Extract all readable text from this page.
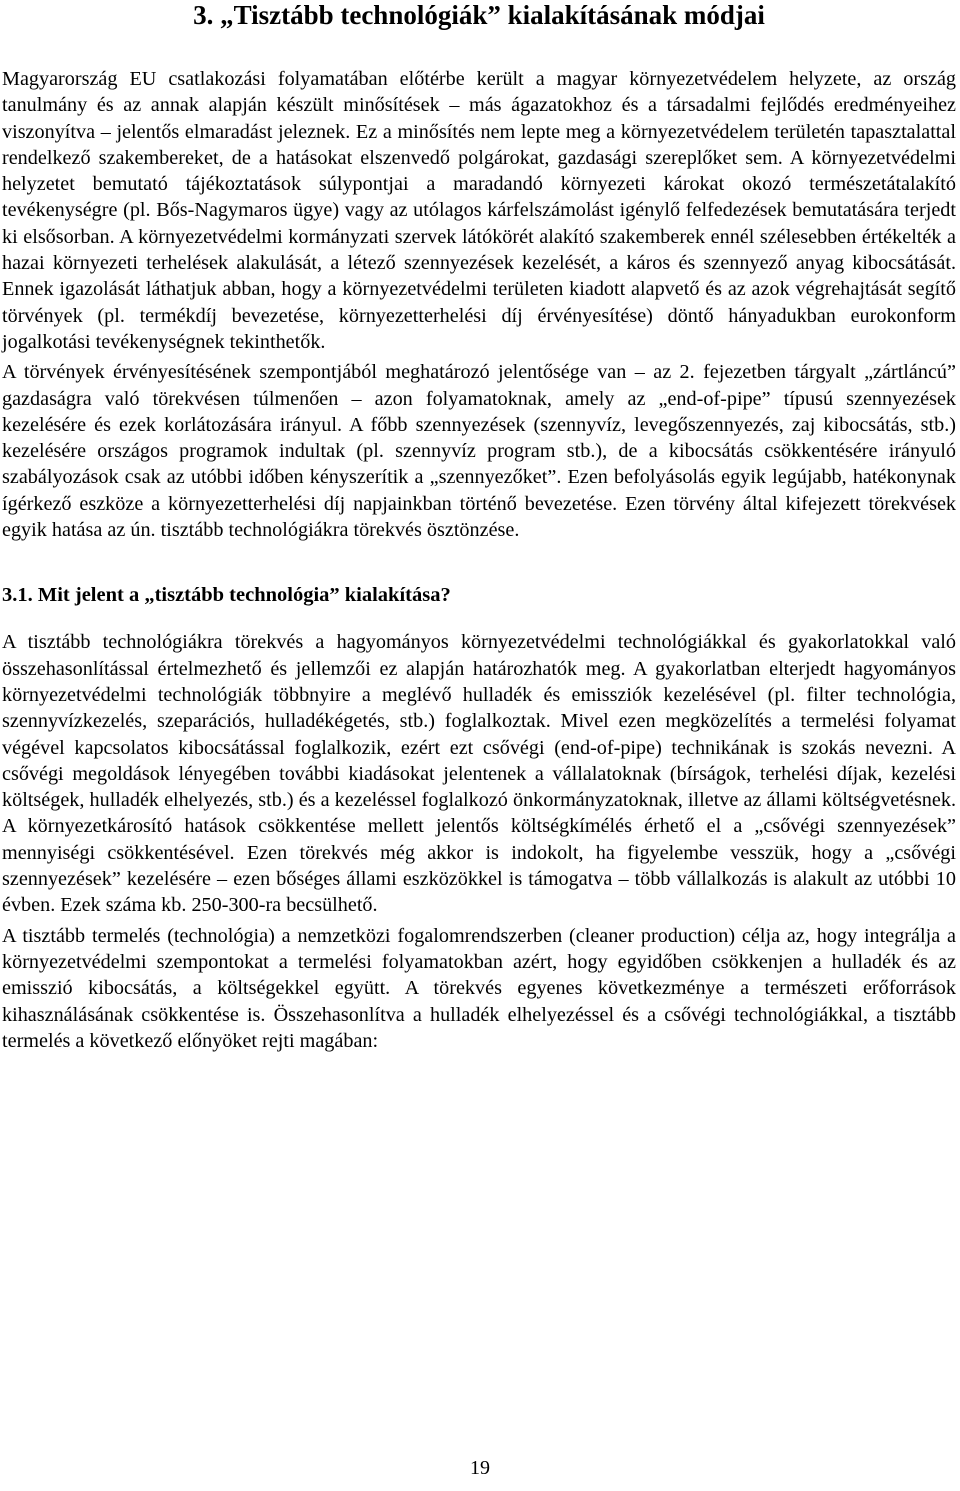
3. „Tisztább technológiák” kialakításának módjai

Magyarország EU csatlakozási folyamatában előtérbe került a magyar környezetvédelem helyzete, az ország tanulmány és az annak alapján készült minősítések – más ágazatokhoz és a társadalmi fejlődés eredményeihez viszonyítva – jelentős elmaradást jeleznek. Ez a minősítés nem lepte meg a környezetvédelem területén tapasztalattal rendelkező szakembereket, de a hatásokat elszenvedő polgárokat, gazdasági szereplőket sem. A környezetvédelmi helyzetet bemutató tájékoztatások súlypontjai a maradandó környezeti károkat okozó természetátalakító tevékenységre (pl. Bős-Nagymaros ügye) vagy az utólagos kárfelszámolást igénylő felfedezések bemutatására terjedt ki elsősorban. A környezetvédelmi kormányzati szervek látókörét alakító szakemberek ennél szélesebben értékelték a hazai környezeti terhelések alakulását, a létező szennyezések kezelését, a káros és szennyező anyag kibocsátását. Ennek igazolását láthatjuk abban, hogy a környezetvédelmi területen kiadott alapvető és az azok végrehajtását segítő törvények (pl. termékdíj bevezetése, környezetterhelési díj érvényesítése) döntő hányadukban eurokonform jogalkotási tevékenységnek tekinthetők.

A törvények érvényesítésének szempontjából meghatározó jelentősége van – az 2. fejezetben tárgyalt „zártláncú” gazdaságra való törekvésen túlmenően – azon folyamatoknak, amely az „end-of-pipe” típusú szennyezések kezelésére és ezek korlátozására irányul. A főbb szennyezések (szennyvíz, levegőszennyezés, zaj kibocsátás, stb.) kezelésére országos programok indultak (pl. szennyvíz program stb.), de a kibocsátás csökkentésére irányuló szabályozások csak az utóbbi időben kényszerítik a „szennyezőket”. Ezen befolyásolás egyik legújabb, hatékonynak ígérkező eszköze a környezetterhelési díj napjainkban történő bevezetése. Ezen törvény által kifejezett törekvések egyik hatása az ún. tisztább technológiákra törekvés ösztönzése.

3.1. Mit jelent a „tisztább technológia” kialakítása?

A tisztább technológiákra törekvés a hagyományos környezetvédelmi technológiákkal és gyakorlatokkal való összehasonlítással értelmezhető és jellemzői ez alapján határozhatók meg. A gyakorlatban elterjedt hagyományos környezetvédelmi technológiák többnyire a meglévő hulladék és emissziók kezelésével (pl. filter technológia, szennyvízkezelés, szeparációs, hulladékégetés, stb.) foglalkoztak. Mivel ezen megközelítés a termelési folyamat végével kapcsolatos kibocsátással foglalkozik, ezért ezt csővégi (end-of-pipe) technikának is szokás nevezni. A csővégi megoldások lényegében további kiadásokat jelentenek a vállalatoknak (bírságok, terhelési díjak, kezelési költségek, hulladék elhelyezés, stb.) és a kezeléssel foglalkozó önkormányzatoknak, illetve az állami költségvetésnek. A környezetkárosító hatások csökkentése mellett jelentős költségkímélés érhető el a „csővégi szennyezések” mennyiségi csökkentésével. Ezen törekvés még akkor is indokolt, ha figyelembe vesszük, hogy a „csővégi szennyezések” kezelésére – ezen bőséges állami eszközökkel is támogatva – több vállalkozás is alakult az utóbbi 10 évben. Ezek száma kb. 250-300-ra becsülhető.

A tisztább termelés (technológia) a nemzetközi fogalomrendszerben (cleaner production) célja az, hogy integrálja a környezetvédelmi szempontokat a termelési folyamatokban azért, hogy egyidőben csökkenjen a hulladék és az emisszió kibocsátás, a költségekkel együtt. A törekvés egyenes következménye a természeti erőforrások kihasználásának csökkentése is. Összehasonlítva a hulladék elhelyezéssel és a csővégi technológiákkal, a tisztább termelés a következő előnyöket rejti magában:

19
